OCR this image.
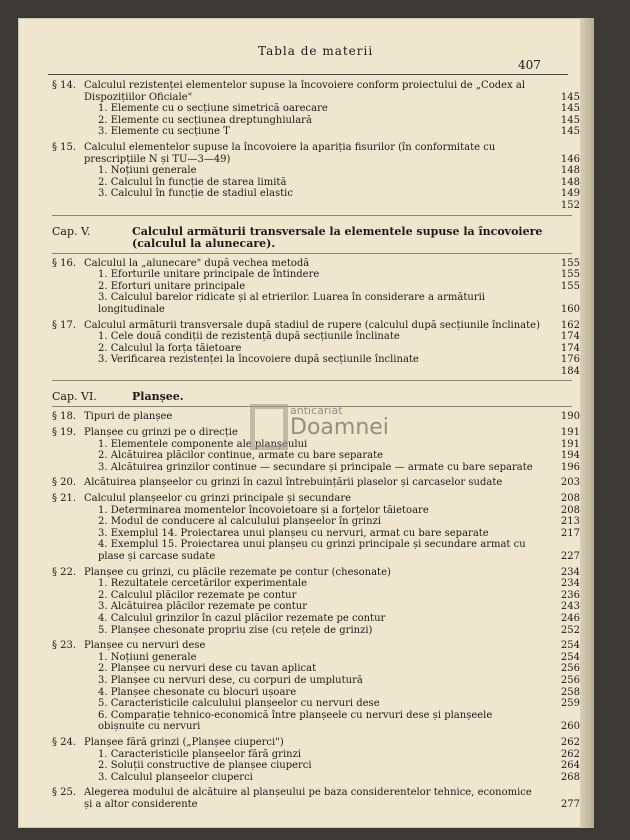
Tabla de materii
407
§ 14. Calculul rezistenței elementelor supuse la încovoiere conform proiectului de „Codex al Dispozițiilor Oficiale"	145
1. Elemente cu o secțiune simetrică oarecare	145
2. Elemente cu secțiunea dreptunghiulară	145
3. Elemente cu secțiune T	145
§ 15. Calculul elementelor supuse la încovoiere la apariția fisurilor (în conformitate cu prescripțiile N și TU—3—49)	146
1. Noțiuni generale	148
2. Calculul în funcție de starea limită	148
3. Calculul în funcție de stadiul elastic	149
152
Cap. V.	Calculul armăturii transversale la elementele supuse la încovoiere (calculul la alunecare).
§ 16. Calculul la „alunecare" după vechea metodă	155
1. Eforturile unitare principale de întindere	155
2. Eforturi unitare principale	155
3. Calculul barelor ridicate și al etrierilor. Luarea în considerare a armăturii longitudinale	160
§ 17. Calculul armăturii transversale după stadiul de rupere (calculul după secțiunile înclinate)	162
1. Cele două condiții de rezistență după secțiunile înclinate	174
2. Calculul la forța tăietoare	174
3. Verificarea rezistenței la încovoiere după secțiunile înclinate	176
184
Cap. VI.	Planșee.
§ 18. Tipuri de planșee	190
§ 19. Planșee cu grinzi pe o direcție	191
1. Elementele componente ale planșeului	191
2. Alcătuirea plăcilor continue, armate cu bare separate	194
3. Alcătuirea grinzilor continue — secundare și principale — armate cu bare separate	196
§ 20. Alcătuirea planșeelor cu grinzi în cazul întrebuințării plaselor și carcaselor sudate	203
§ 21. Calculul planșeelor cu grinzi principale și secundare	208
1. Determinarea momentelor încovoietoare și a forțelor tăietoare	208
2. Modul de conducere al calculului planșeelor în grinzi	213
3. Exemplul 14. Proiectarea unui planșeu cu nervuri, armat cu bare separate	217
4. Exemplul 15. Proiectarea unui planșeu cu grinzi principale și secundare armat cu plase și carcase sudate	227
§ 22. Planșee cu grinzi, cu plăcile rezemate pe contur (chesonate)	234
1. Rezultatele cercetărilor experimentale	234
2. Calculul plăcilor rezemate pe contur	236
3. Alcătuirea plăcilor rezemate pe contur	243
4. Calculul grinzilor în cazul plăcilor rezemate pe contur	246
5. Planșee chesonate propriu zise (cu rețele de grinzi)	252
§ 23. Planșee cu nervuri dese	254
1. Noțiuni generale	254
2. Planșee cu nervuri dese cu tavan aplicat	256
3. Planșee cu nervuri dese, cu corpuri de umplutură	256
4. Planșee chesonate cu blocuri ușoare	258
5. Caracteristicile calculului planșeelor cu nervuri dese	259
6. Comparație tehnico-economică între planșeele cu nervuri dese și planșeele obișnuite cu nervuri	260
§ 24. Planșee fără grinzi („Planșee ciuperci")	262
1. Caracteristicile planșeelor fără grinzi	262
2. Soluții constructive de planșee ciuperci	264
3. Calculul planșeelor ciuperci	268
§ 25. Alegerea modului de alcătuire al planșeului pe baza considerentelor tehnice, economice și a altor considerente	277
anticariat
Doamnei
